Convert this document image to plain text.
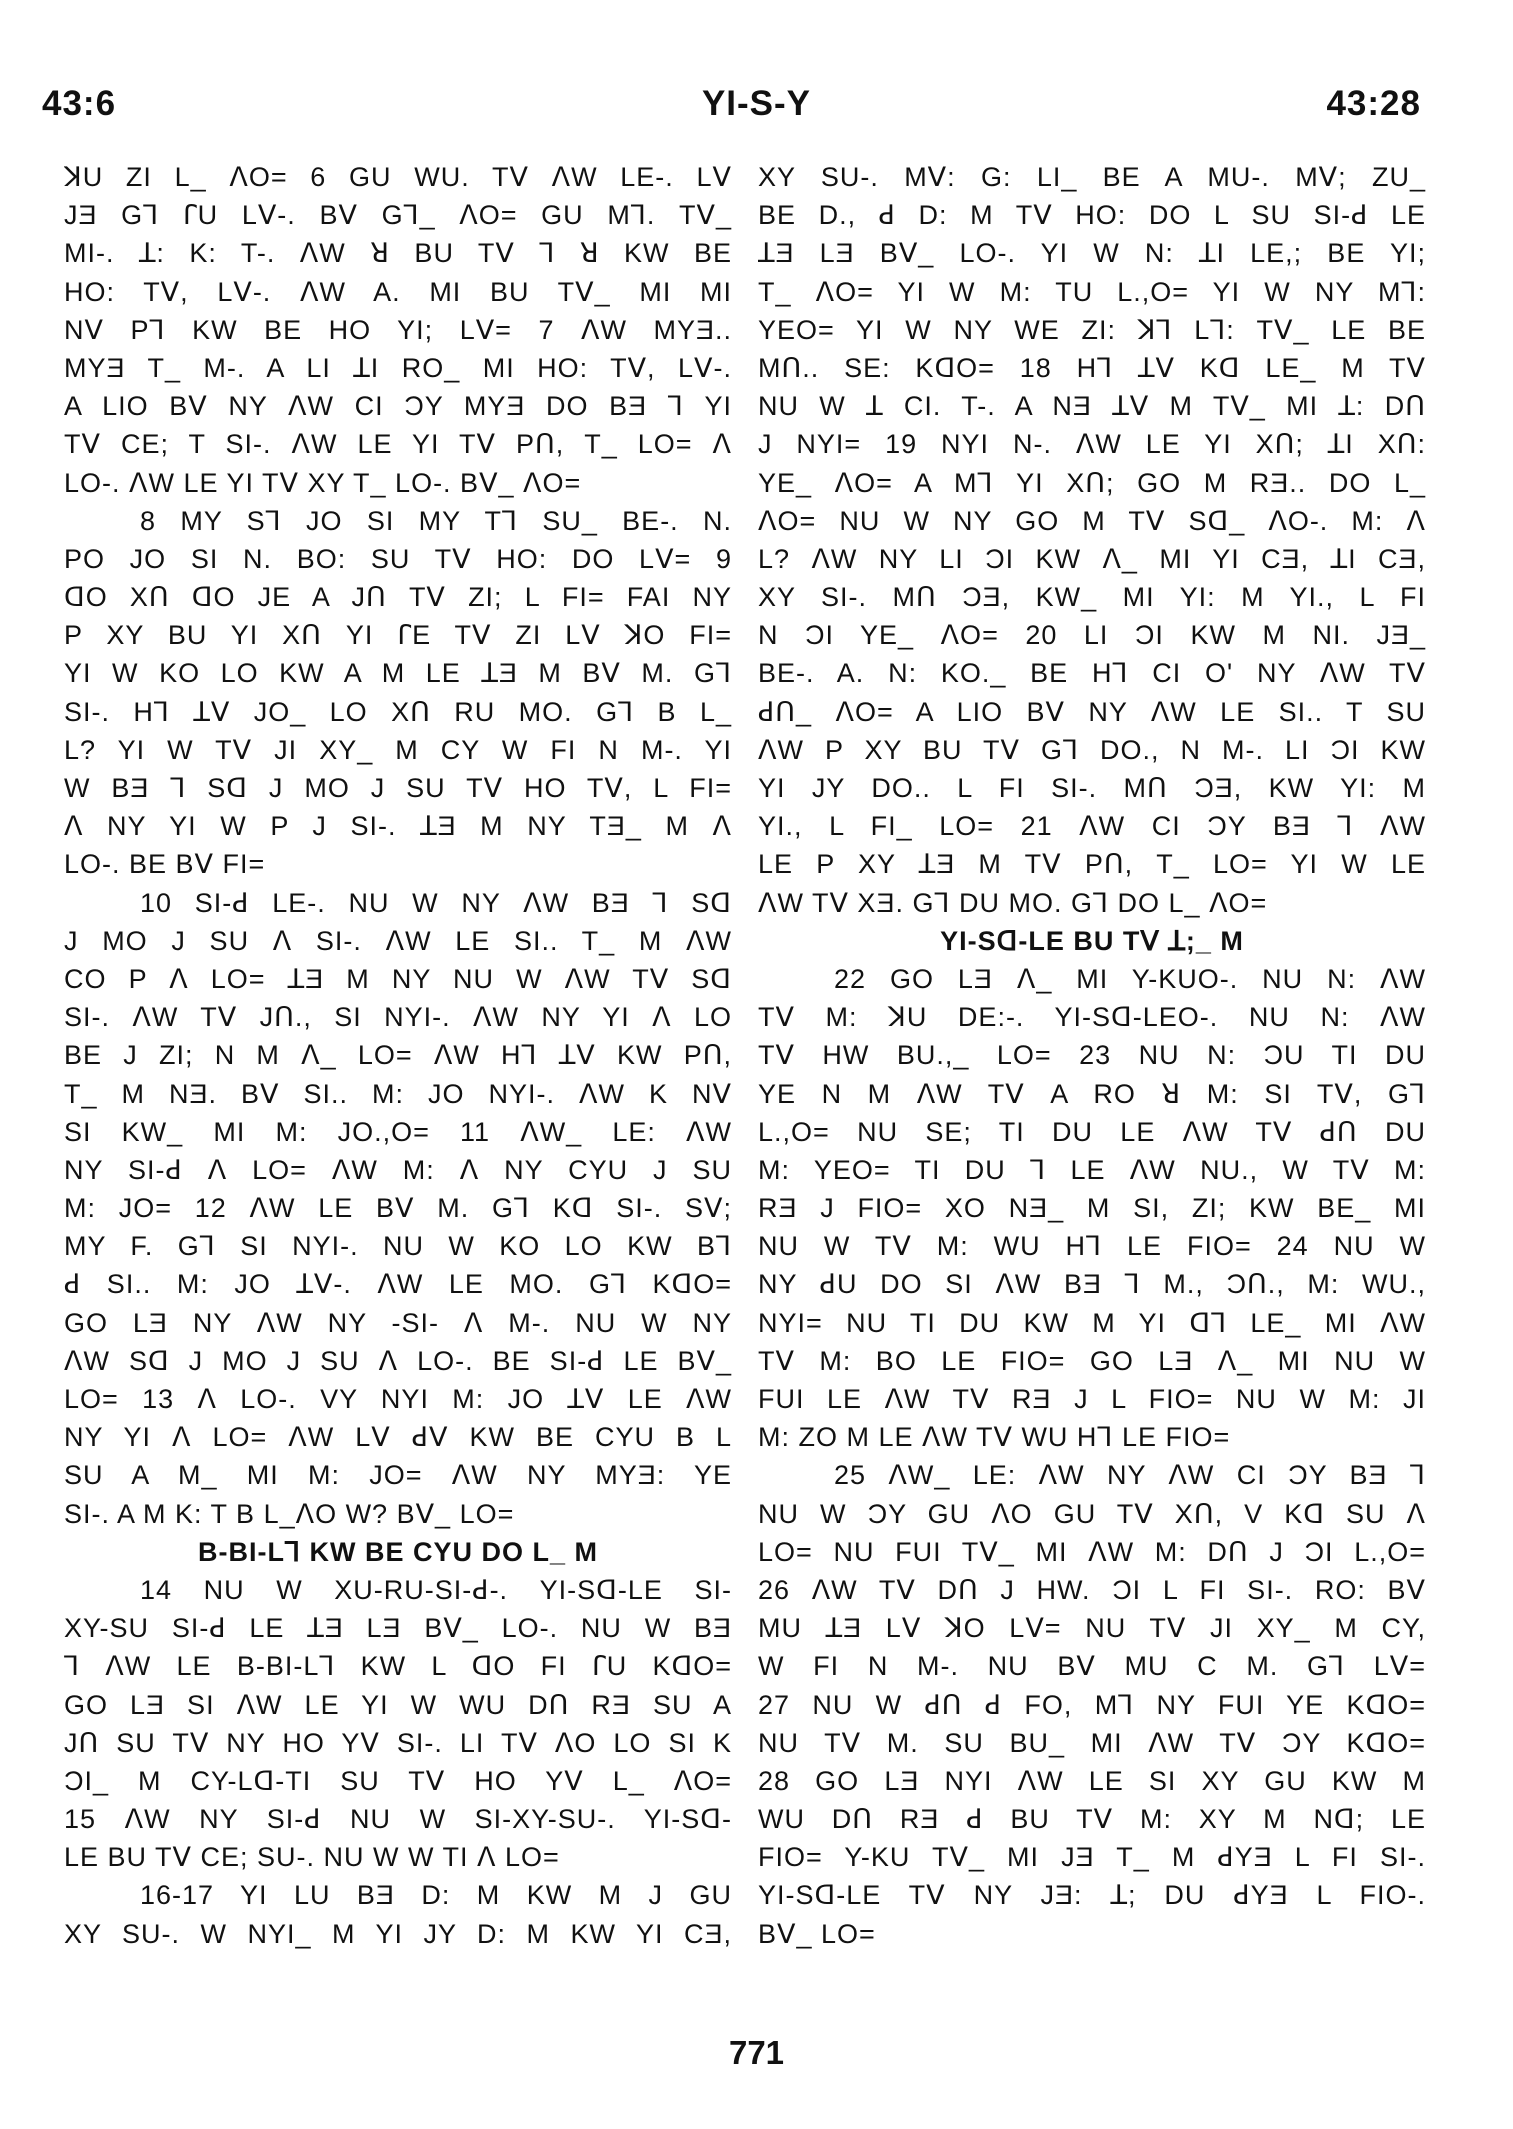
43:6	YI-S-Y	43:28
ꓘU ZI L_ ᐱO= 6 GU WU. Tᐯ ᐱW LE-. Lᐯ
JƎ Gꓶ ꓩU Lᐯ-. Bᐯ Gꓶ_ ᐱO= GU Mꓶ. Tᐯ_
MI-. ꓕ: K: T-. ᐱW ꓤ BU Tᐯ ꓶ ꓤ KW BE
HO: Tᐯ, Lᐯ-. ᐱW A. MI BU Tᐯ_ MI MI
Nᐯ Pꓶ KW BE HO YI; Lᐯ= 7 ᐱW MYƎ..
MYƎ T_ M-. A LI ꓕI RO_ MI HO: Tᐯ, Lᐯ-.
A LIO Bᐯ NY ᐱW CI ƆY MYƎ DO BƎ ꓶ YI
Tᐯ CE; T SI-. ᐱW LE YI Tᐯ Pꓵ, T_ LO= ᐱ
LO-. ᐱW LE YI Tᐯ XY T_ LO-. Bᐯ_ ᐱO=
8 MY Sꓶ JO SI MY Tꓶ SU_ BE-. N.
PO JO SI N. BO: SU Tᐯ HO: DO Lᐯ= 9
ꓷO Xꓵ ꓷO JE A Jꓵ Tᐯ ZI; L FI= FAI NY
P XY BU YI Xꓵ YI ꓩE Tᐯ ZI Lᐯ ꓘO FI=
YI W KO LO KW A M LE ꓕƎ M Bᐯ M. Gꓶ
SI-. Hꓶ ꓕᐯ JO_ LO Xꓵ RU MO. Gꓶ B L_
L? YI W Tᐯ JI XY_ M CY W FI N M-. YI
W BƎ ꓶ Sᗡ J MO J SU Tᐯ HO Tᐯ, L FI=
ᐱ NY YI W P J SI-. ꓕƎ M NY TƎ_ M ᐱ
LO-. BE Bᐯ FI=
10 SI-ꓒ LE-. NU W NY ᐱW BƎ ꓶ Sᗡ
J MO J SU ᐱ SI-. ᐱW LE SI.. T_ M ᐱW
CO P ᐱ LO= ꓕƎ M NY NU W ᐱW Tᐯ Sᗡ
SI-. ᐱW Tᐯ Jꓵ., SI NYI-. ᐱW NY YI ᐱ LO
BE J ZI; N M ᐱ_ LO= ᐱW Hꓶ ꓕᐯ KW Pꓵ,
T_ M NƎ. Bᐯ SI.. M: JO NYI-. ᐱW K Nᐯ
SI KW_ MI M: JO.,O= 11 ᐱW_ LE: ᐱW
NY SI-ꓒ ᐱ LO= ᐱW M: ᐱ NY CYU J SU
M: JO= 12 ᐱW LE Bᐯ M. Gꓶ Kᗡ SI-. Sᐯ;
MY F. Gꓶ SI NYI-. NU W KO LO KW Bꓶ
ꓒ SI.. M: JO ꓕᐯ-. ᐱW LE MO. Gꓶ KᗡO=
GO LƎ NY ᐱW NY -SI- ᐱ M-. NU W NY
ᐱW Sᗡ J MO J SU ᐱ LO-. BE SI-ꓒ LE Bᐯ_
LO= 13 ᐱ LO-. VY NYI M: JO ꓕᐯ LE ᐱW
NY YI ᐱ LO= ᐱW Lᐯ ꓒᐯ KW BE CYU B L
SU A M_ MI M: JO= ᐱW NY MYƎ: YE
SI-. A M K: T B L_ᐱO W? Bᐯ_ LO=
B-BI-Lꓶ KW BE CYU DO L_ M
14 NU W XU-RU-SI-ꓒ-. YI-Sᗡ-LE SI-
XY-SU SI-ꓒ LE ꓕƎ LƎ Bᐯ_ LO-. NU W BƎ
ꓶ ᐱW LE B-BI-Lꓶ KW L ꓷO FI ꓩU KᗡO=
GO LƎ SI ᐱW LE YI W WU Dꓵ RƎ SU A
Jꓵ SU Tᐯ NY HO Yᐯ SI-. LI Tᐯ ᐱO LO SI K
ƆI_ M CY-Lᗡ-TI SU Tᐯ HO Yᐯ L_ ᐱO=
15 ᐱW NY SI-ꓒ NU W SI-XY-SU-. YI-Sᗡ-
LE BU Tᐯ CE; SU-. NU W W TI ᐱ LO=
16-17 YI LU BƎ D: M KW M J GU
XY SU-. W NYI_ M YI JY D: M KW YI CƎ,
XY SU-. Mᐯ: G: LI_ BE A MU-. Mᐯ; ZU_
BE D., ꓒ D: M Tᐯ HO: DO L SU SI-ꓒ LE
ꓕƎ LƎ Bᐯ_ LO-. YI W N: ꓕI LE,; BE YI;
T_ ᐱO= YI W M: TU L.,O= YI W NY Mꓶ:
YEO= YI W NY WE ZI: ꓘꓶ Lꓶ: Tᐯ_ LE BE
Mꓵ.. SE: KᗡO= 18 Hꓶ ꓕᐯ Kᗡ LE_ M Tᐯ
NU W ꓕ CI. T-. A NƎ ꓕᐯ M Tᐯ_ MI ꓕ: Dꓵ
J NYI= 19 NYI N-. ᐱW LE YI Xꓵ; ꓕI Xꓵ:
YE_ ᐱO= A Mꓶ YI Xꓵ; GO M RƎ.. DO L_
ᐱO= NU W NY GO M Tᐯ Sᗡ_ ᐱO-. M: ᐱ
L? ᐱW NY LI ƆI KW ᐱ_ MI YI CƎ, ꓕI CƎ,
XY SI-. Mꓵ ƆƎ, KW_ MI YI: M YI., L FI
N ƆI YE_ ᐱO= 20 LI ƆI KW M NI. JƎ_
BE-. A. N: KO._ BE Hꓶ CI O' NY ᐱW Tᐯ
ꓒꓵ_ ᐱO= A LIO Bᐯ NY ᐱW LE SI.. T SU
ᐱW P XY BU Tᐯ Gꓶ DO., N M-. LI ƆI KW
YI JY DO.. L FI SI-. Mꓵ ƆƎ, KW YI: M
YI., L FI_ LO= 21 ᐱW CI ƆY BƎ ꓶ ᐱW
LE P XY ꓕƎ M Tᐯ Pꓵ, T_ LO= YI W LE
ᐱW Tᐯ XƎ. Gꓶ DU MO. Gꓶ DO L_ ᐱO=
YI-Sᗡ-LE BU Tᐯ ꓕ;_ M
22 GO LƎ ᐱ_ MI Y-KUO-. NU N: ᐱW
Tᐯ M: ꓘU DE:-. YI-Sᗡ-LEO-. NU N: ᐱW
Tᐯ HW BU.,_ LO= 23 NU N: ƆU TI DU
YE N M ᐱW Tᐯ A RO ꓤ M: SI Tᐯ, Gꓶ
L.,O= NU SE; TI DU LE ᐱW Tᐯ ꓒꓵ DU
M: YEO= TI DU ꓶ LE ᐱW NU., W Tᐯ M:
RƎ J FIO= XO NƎ_ M SI, ZI; KW BE_ MI
NU W Tᐯ M: WU Hꓶ LE FIO= 24 NU W
NY ꓒU DO SI ᐱW BƎ ꓶ M., Ɔꓵ., M: WU.,
NYI= NU TI DU KW M YI ꓷꓶ LE_ MI ᐱW
Tᐯ M: BO LE FIO= GO LƎ ᐱ_ MI NU W
FUI LE ᐱW Tᐯ RƎ J L FIO= NU W M: JI
M: ZO M LE ᐱW Tᐯ WU Hꓶ LE FIO=
25 ᐱW_ LE: ᐱW NY ᐱW CI ƆY BƎ ꓶ
NU W ƆY GU ᐱO GU Tᐯ Xꓵ, V Kᗡ SU ᐱ
LO= NU FUI Tᐯ_ MI ᐱW M: Dꓵ J ƆI L.,O=
26 ᐱW Tᐯ Dꓵ J HW. ƆI L FI SI-. RO: Bᐯ
MU ꓕƎ Lᐯ ꓘO Lᐯ= NU Tᐯ JI XY_ M CY,
W FI N M-. NU Bᐯ MU C M. Gꓶ Lᐯ=
27 NU W ꓒꓵ ꓒ FO, Mꓶ NY FUI YE KᗡO=
NU Tᐯ M. SU BU_ MI ᐱW Tᐯ ƆY KᗡO=
28 GO LƎ NYI ᐱW LE SI XY GU KW M
WU Dꓵ RƎ ꓒ BU Tᐯ M: XY M Nᗡ; LE
FIO= Y-KU Tᐯ_ MI JƎ T_ M ꓒYƎ L FI SI-.
YI-Sᗡ-LE Tᐯ NY JƎ: ꓕ; DU ꓒYƎ L FIO-.
Bᐯ_ LO=
771
